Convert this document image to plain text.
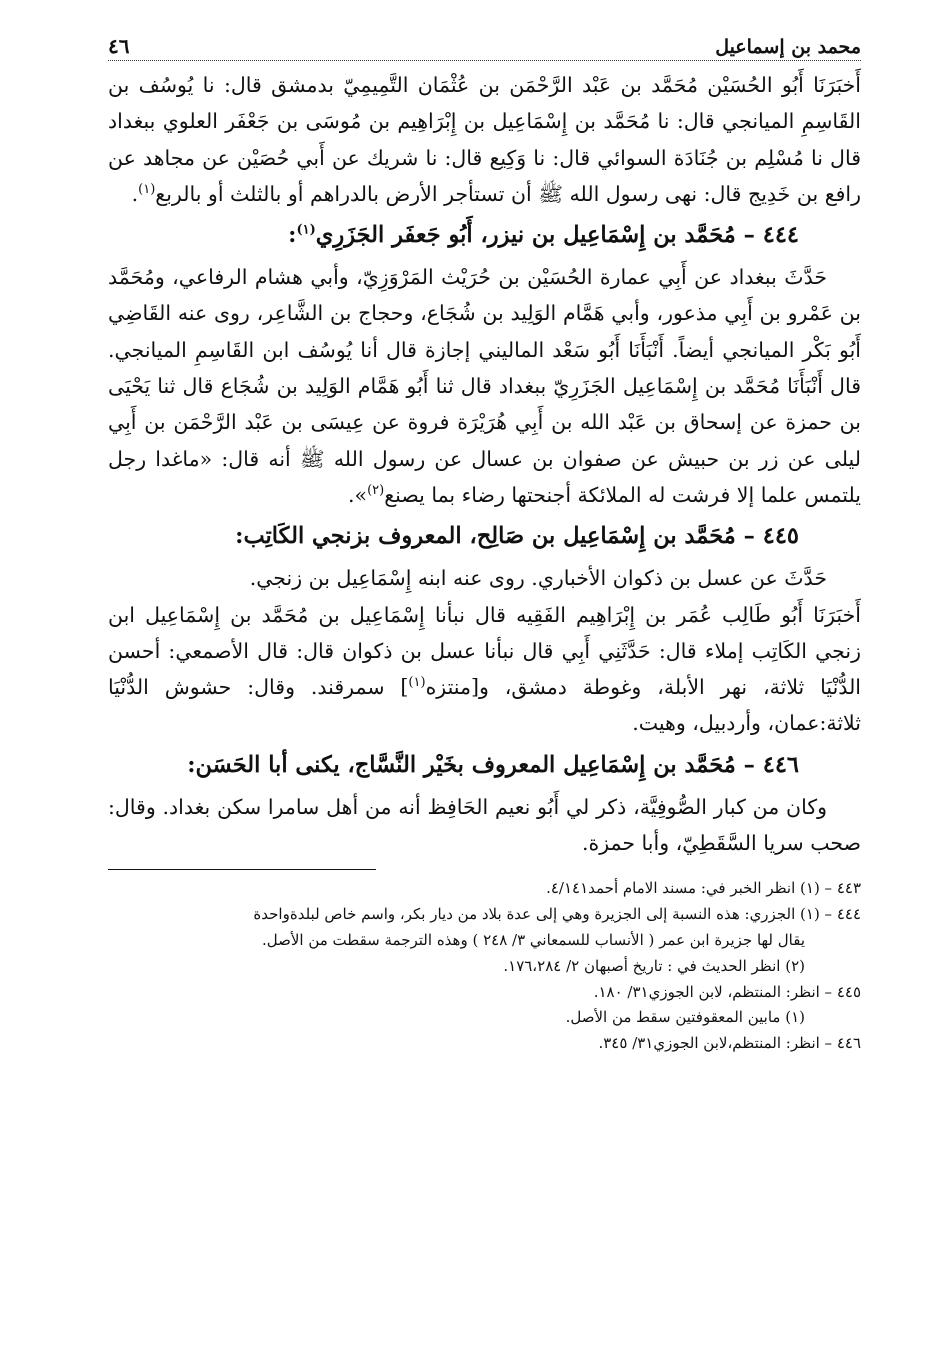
محمد بن إسماعيل
٤٦

أَخبَرَنَا أَبُو الحُسَيْن مُحَمَّد بن عَبْد الرَّحْمَن بن عُثْمَان التَّمِيمِيّ بدمشق قال: نا يُوسُف بن القَاسِمِ الميانجي قال: نا مُحَمَّد بن إِسْمَاعِيل بن إِبْرَاهِيم بن مُوسَى بن جَعْفَر العلوي ببغداد قال نا مُسْلِم بن جُنَادَة السوائي قال: نا وَكِيع قال: نا شريك عن أَبي حُصَيْن عن مجاهد عن رافع بن خَدِيج قال: نهى رسول الله ﷺ أن تستأجر الأرض بالدراهم أو بالثلث أو بالربع$^{(١)}$.

٤٤٤ – مُحَمَّد بن إِسْمَاعِيل بن نيزر، أَبُو جَعفَر الجَزَرِي$^{(١)}$:

حَدَّثَ ببغداد عن أَبِي عمارة الحُسَيْن بن حُرَيْث المَرْوَزِيّ، وأبي هشام الرفاعي، ومُحَمَّد بن عَمْرو بن أَبِي مذعور، وأبي هَمَّام الوَلِيد بن شُجَاع، وحجاج بن الشَّاعِر، روى عنه القَاضِي أَبُو بَكْر الميانجي أيضاً. أَنْبَأَنَا أَبُو سَعْد الماليني إجازة قال أنا يُوسُف ابن القَاسِمِ الميانجي. قال أَنْبَأَنَا مُحَمَّد بن إِسْمَاعِيل الجَزَرِيّ ببغداد قال ثنا أَبُو هَمَّام الوَلِيد بن شُجَاع قال ثنا يَحْيَى بن حمزة عن إسحاق بن عَبْد الله بن أَبِي هُرَيْرَة فروة عن عِيسَى بن عَبْد الرَّحْمَن بن أَبِي ليلى عن زر بن حبيش عن صفوان بن عسال عن رسول الله ﷺ أنه قال: «ماغدا رجل يلتمس علما إلا فرشت له الملائكة أجنحتها رضاء بما يصنع$^{(٢)}$».

٤٤٥ – مُحَمَّد بن إِسْمَاعِيل بن صَالِح، المعروف بزنجي الكَاتِب:

حَدَّثَ عن عسل بن ذكوان الأخباري. روى عنه ابنه إِسْمَاعِيل بن زنجي.

أَخبَرَنَا أَبُو طَالِب عُمَر بن إِبْرَاهِيم الفَقِيه قال نبأنا إِسْمَاعِيل بن مُحَمَّد بن إِسْمَاعِيل ابن زنجي الكَاتِب إملاء قال: حَدَّثَنِي أَبِي قال نبأنا عسل بن ذكوان قال: قال الأصمعي: أحسن الدُّنْيَا ثلاثة، نهر الأبلة، وغوطة دمشق، و[منتزه$^{(١)}$] سمرقند. وقال: حشوش الدُّنْيَا ثلاثة:عمان، وأردبيل، وهيت.

٤٤٦ – مُحَمَّد بن إِسْمَاعِيل المعروف بخَيْر النَّسَّاج، يكنى أبا الحَسَن:

وكان من كبار الصُّوفِيَّة، ذكر لي أَبُو نعيم الحَافِظ أنه من أهل سامرا سكن بغداد. وقال: صحب سريا السَّقَطِيّ، وأبا حمزة.

٤٤٣ – (١) انظر الخبر في: مسند الامام أحمد٤/١٤١.

٤٤٤ – (١) الجزري: هذه النسبة إلى الجزيرة وهي إلى عدة بلاد من ديار بكر، واسم خاص لبلدةواحدة

يقال لها جزيرة ابن عمر ( الأنساب للسمعاني ٣/ ٢٤٨ ) وهذه الترجمة سقطت من الأصل.

(٢) انظر الحديث في : تاريخ أصبهان ٢/ ١٧٦،٢٨٤.

٤٤٥ – انظر: المنتظم، لابن الجوزي٣١/ ١٨٠.

(١) مابين المعقوفتين سقط من الأصل.

٤٤٦ – انظر: المنتظم،لابن الجوزي٣١/ ٣٤٥.
